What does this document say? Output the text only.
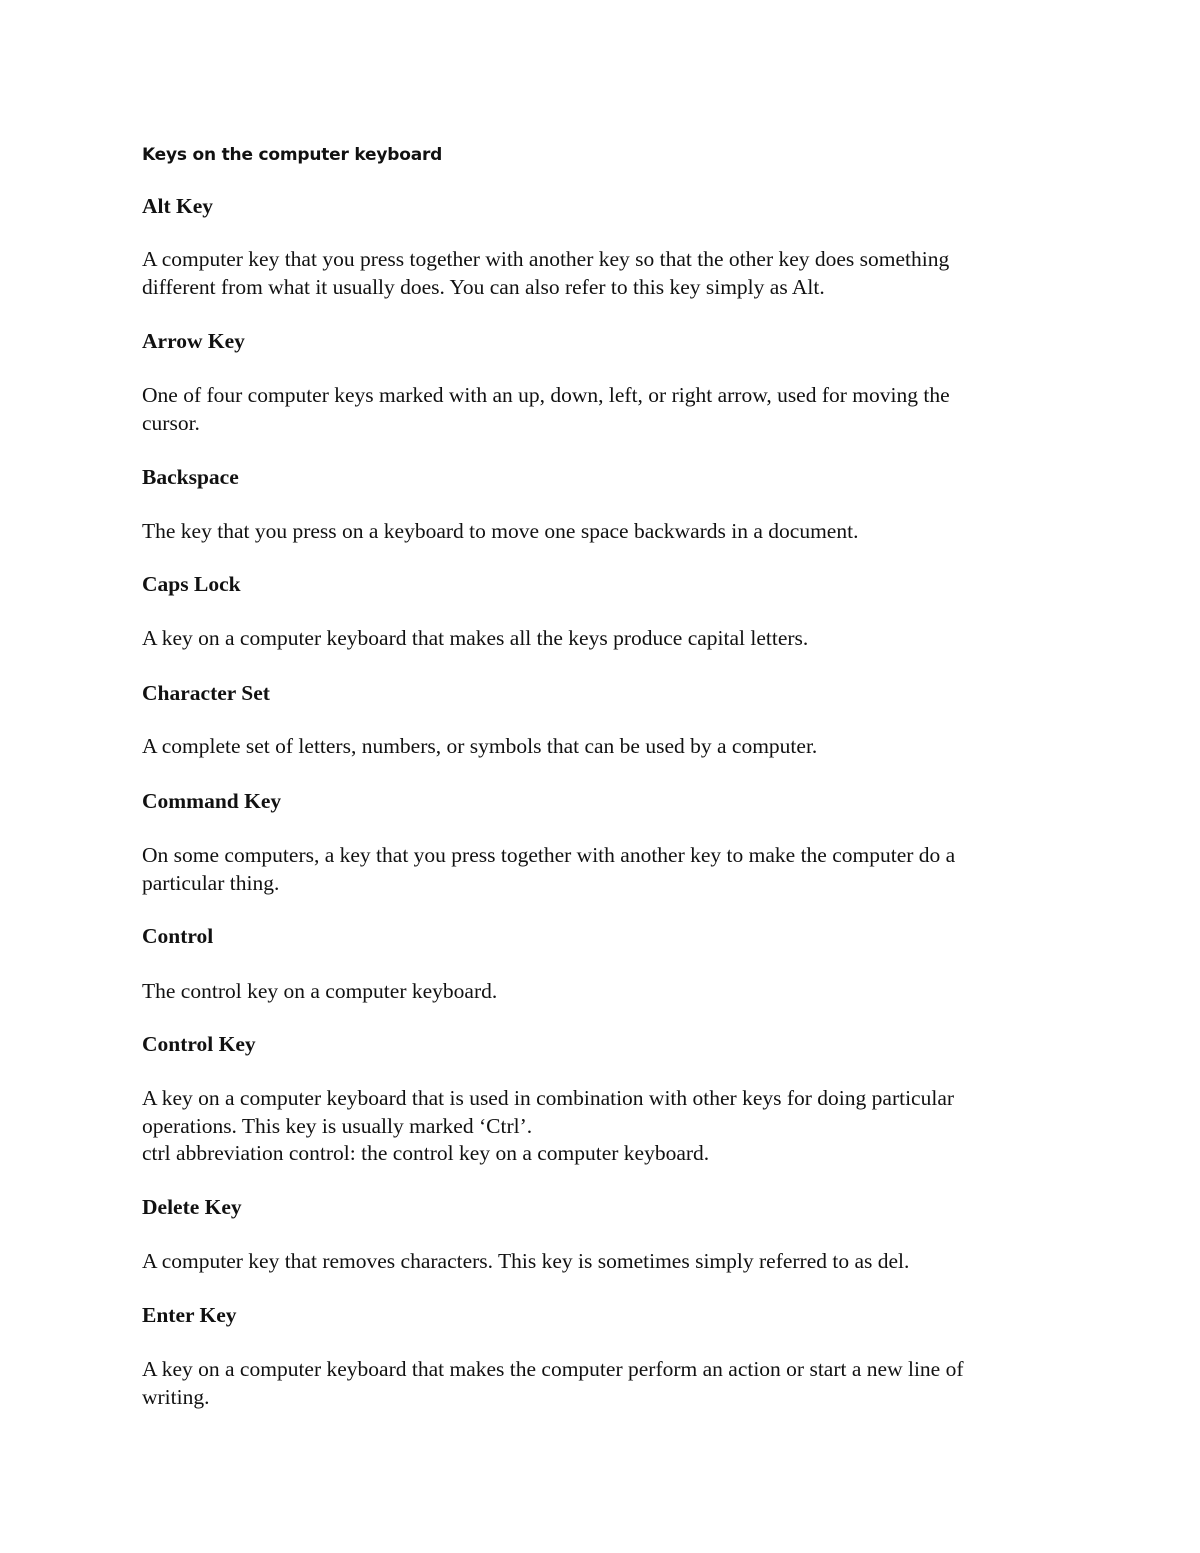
Keys on the computer keyboard
Alt Key
A computer key that you press together with another key so that the other key does something
different from what it usually does. You can also refer to this key simply as Alt.
Arrow Key
One of four computer keys marked with an up, down, left, or right arrow, used for moving the
cursor.
Backspace
The key that you press on a keyboard to move one space backwards in a document.
Caps Lock
A key on a computer keyboard that makes all the keys produce capital letters.
Character Set
A complete set of letters, numbers, or symbols that can be used by a computer.
Command Key
On some computers, a key that you press together with another key to make the computer do a
particular thing.
Control
The control key on a computer keyboard.
Control Key
A key on a computer keyboard that is used in combination with other keys for doing particular
operations. This key is usually marked ‘Ctrl’.
ctrl abbreviation control: the control key on a computer keyboard.
Delete Key
A computer key that removes characters. This key is sometimes simply referred to as del.
Enter Key
A key on a computer keyboard that makes the computer perform an action or start a new line of
writing.
